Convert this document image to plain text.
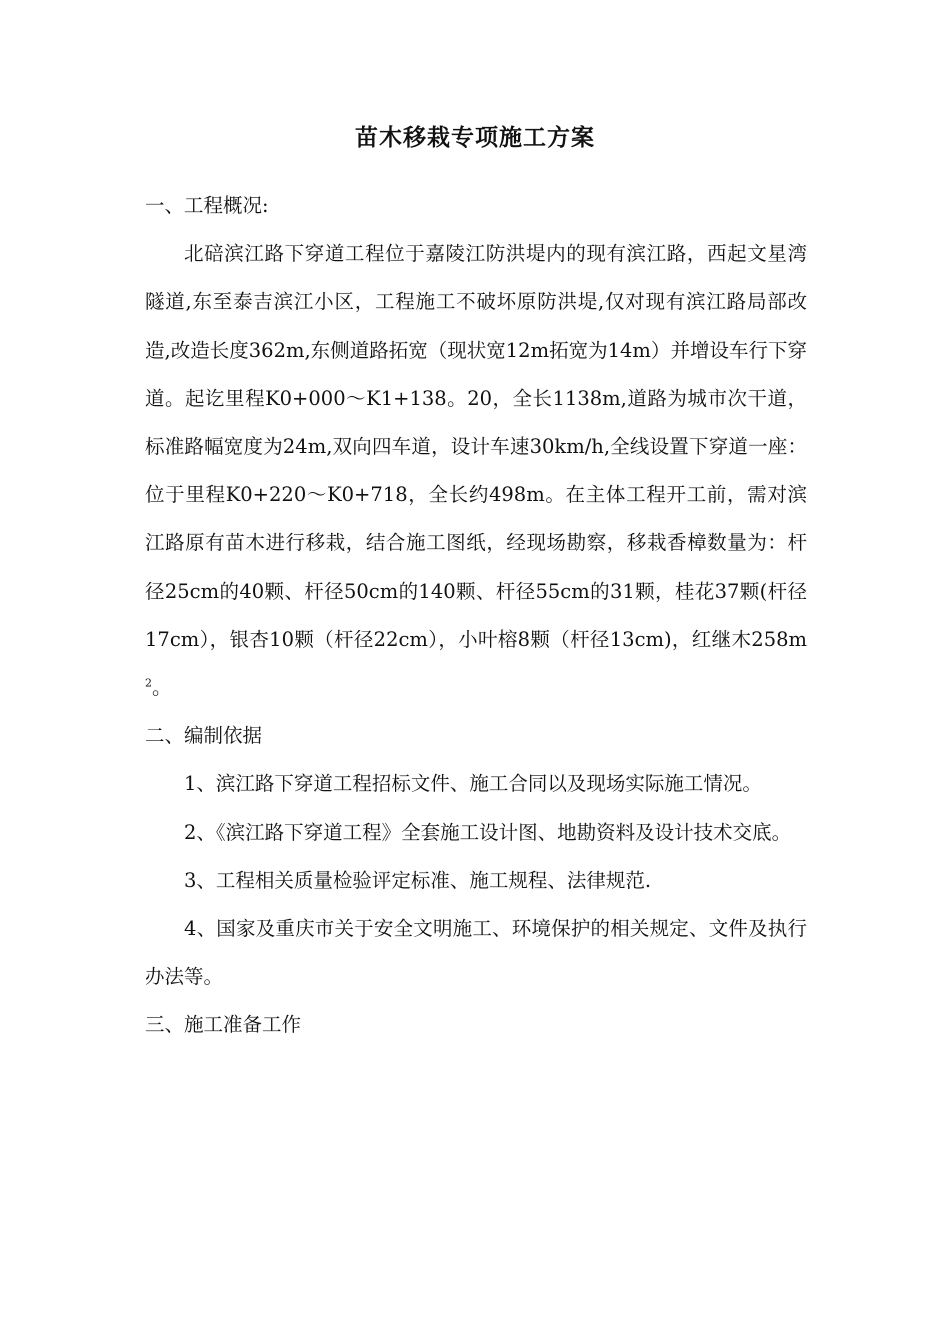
苗木移栽专项施工方案

一、工程概况:

北碚滨江路下穿道工程位于嘉陵江防洪堤内的现有滨江路，西起文星湾隧道,东至泰吉滨江小区，工程施工不破坏原防洪堤,仅对现有滨江路局部改造,改造长度362m,东侧道路拓宽（现状宽12m拓宽为14m）并增设车行下穿道。起讫里程K0+000～K1+138。20，全长1138m,道路为城市次干道，标准路幅宽度为24m,双向四车道，设计车速30km/h,全线设置下穿道一座：位于里程K0+220～K0+718，全长约498m。在主体工程开工前，需对滨江路原有苗木进行移栽，结合施工图纸，经现场勘察，移栽香樟数量为：杆径25cm的40颗、杆径50cm的140颗、杆径55cm的31颗，桂花37颗(杆径17cm），银杏10颗（杆径22cm），小叶榕8颗（杆径13cm)，红继木$258m^2$。

二、编制依据

1、滨江路下穿道工程招标文件、施工合同以及现场实际施工情况。

2、《滨江路下穿道工程》全套施工设计图、地勘资料及设计技术交底。

3、工程相关质量检验评定标准、施工规程、法律规范.

4、国家及重庆市关于安全文明施工、环境保护的相关规定、文件及执行办法等。

三、施工准备工作
